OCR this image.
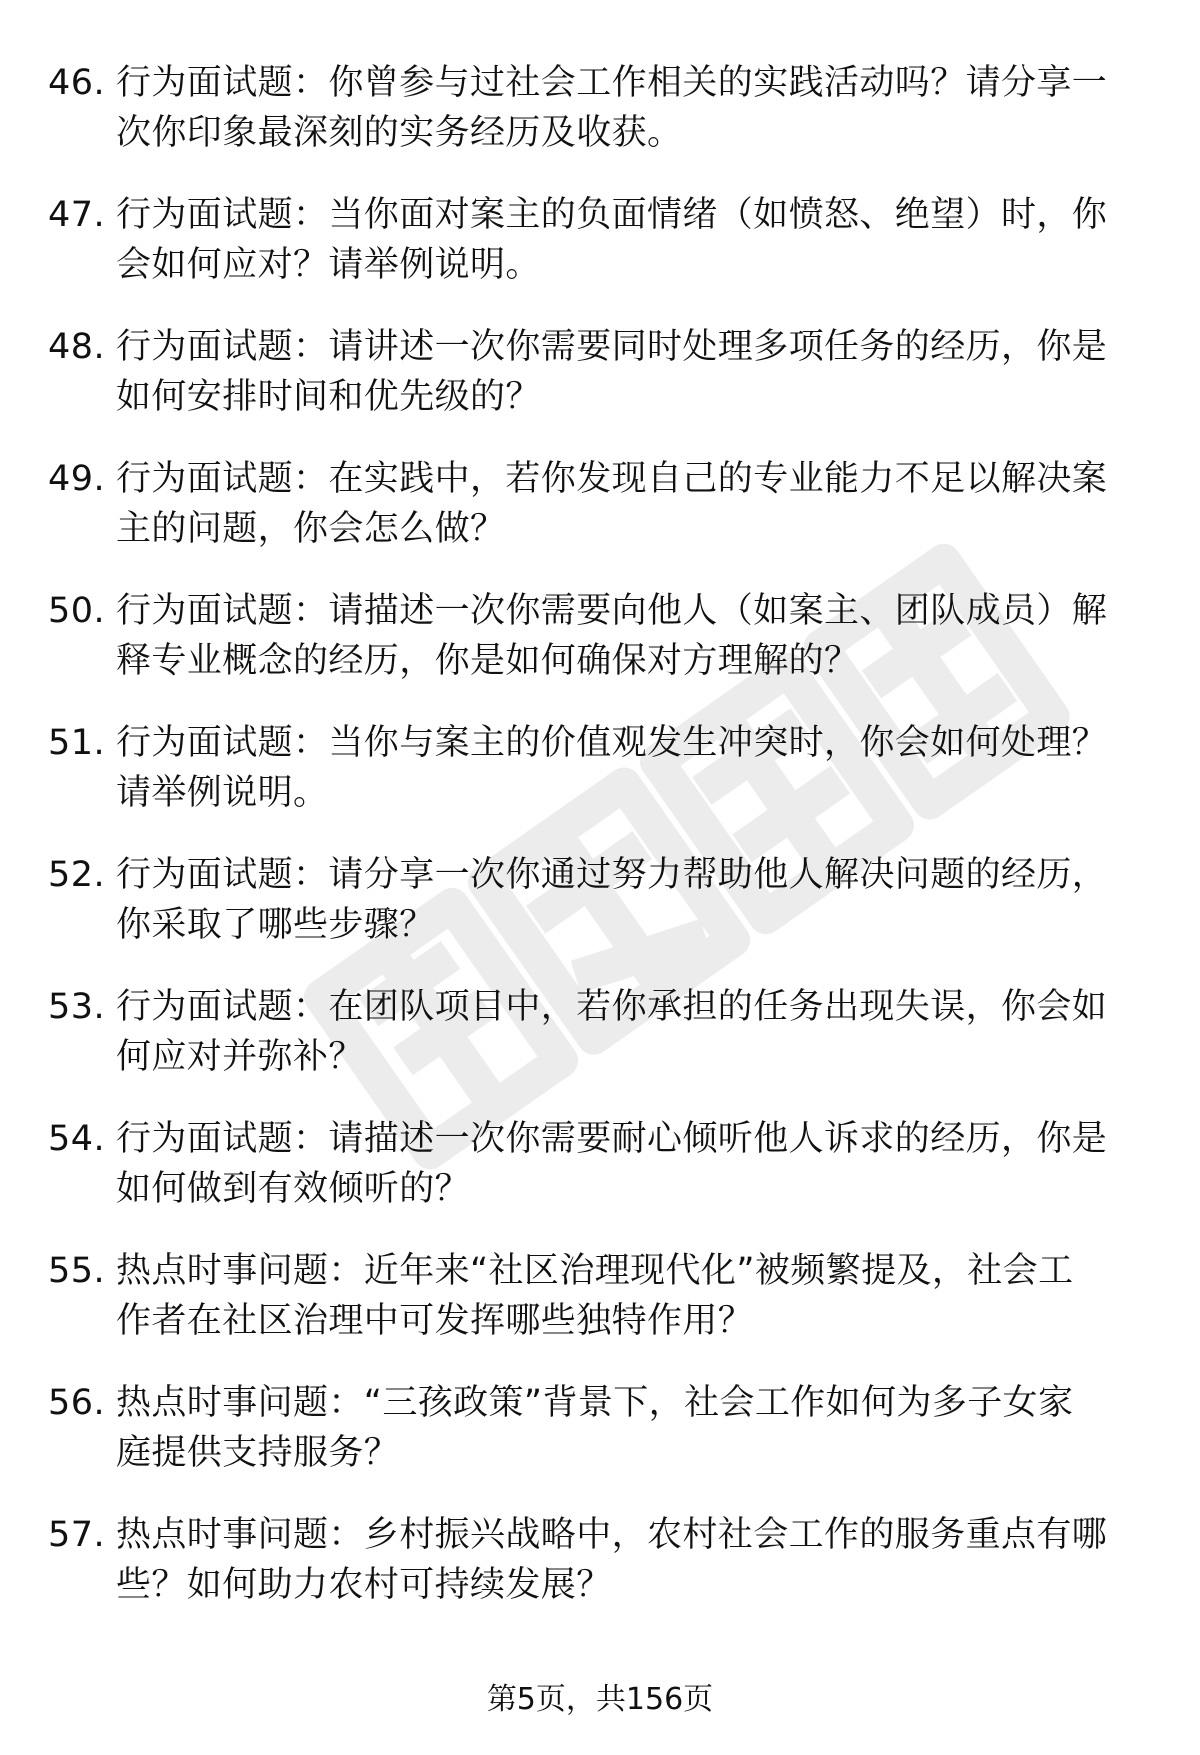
46. 行为面试题：你曾参与过社会工作相关的实践活动吗？请分享一
次你印象最深刻的实务经历及收获。
47. 行为面试题：当你面对案主的负面情绪（如愤怒、绝望）时，你
会如何应对？请举例说明。
48. 行为面试题：请讲述一次你需要同时处理多项任务的经历，你是
如何安排时间和优先级的？
49. 行为面试题：在实践中，若你发现自己的专业能力不足以解决案
主的问题，你会怎么做？
50. 行为面试题：请描述一次你需要向他人（如案主、团队成员）解
释专业概念的经历，你是如何确保对方理解的？
51. 行为面试题：当你与案主的价值观发生冲突时，你会如何处理？
请举例说明。
52. 行为面试题：请分享一次你通过努力帮助他人解决问题的经历，
你采取了哪些步骤？
53. 行为面试题：在团队项目中，若你承担的任务出现失误，你会如
何应对并弥补？
54. 行为面试题：请描述一次你需要耐心倾听他人诉求的经历，你是
如何做到有效倾听的？
55. 热点时事问题：近年来“社区治理现代化”被频繁提及，社会工
作者在社区治理中可发挥哪些独特作用？
56. 热点时事问题：“三孩政策”背景下，社会工作如何为多子女家
庭提供支持服务？
57. 热点时事问题：乡村振兴战略中，农村社会工作的服务重点有哪
些？如何助力农村可持续发展？
第5页，共156页
